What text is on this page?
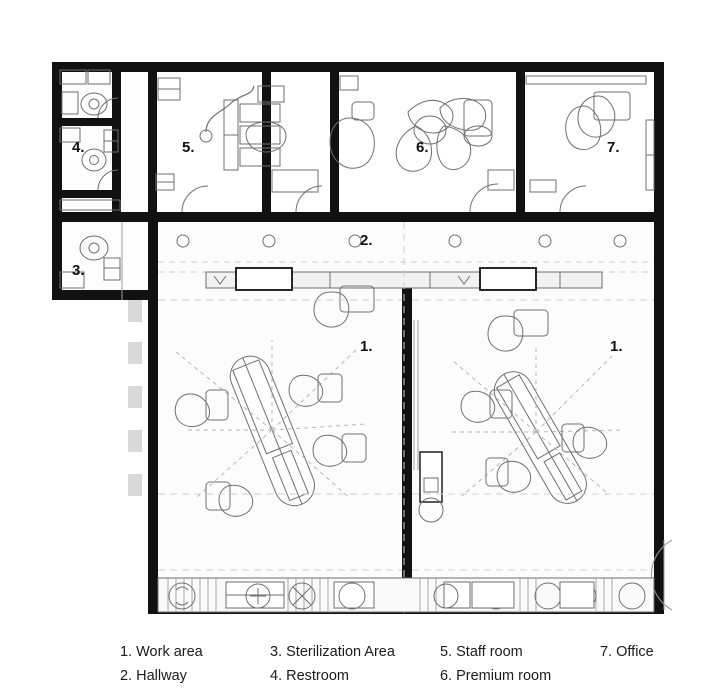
1.	1.
2.
3.
4.	5.	6.	7.
1. Work area	3. Sterilization Area	5. Staff room	7. Office
2. Hallway	4. Restroom	6. Premium room
